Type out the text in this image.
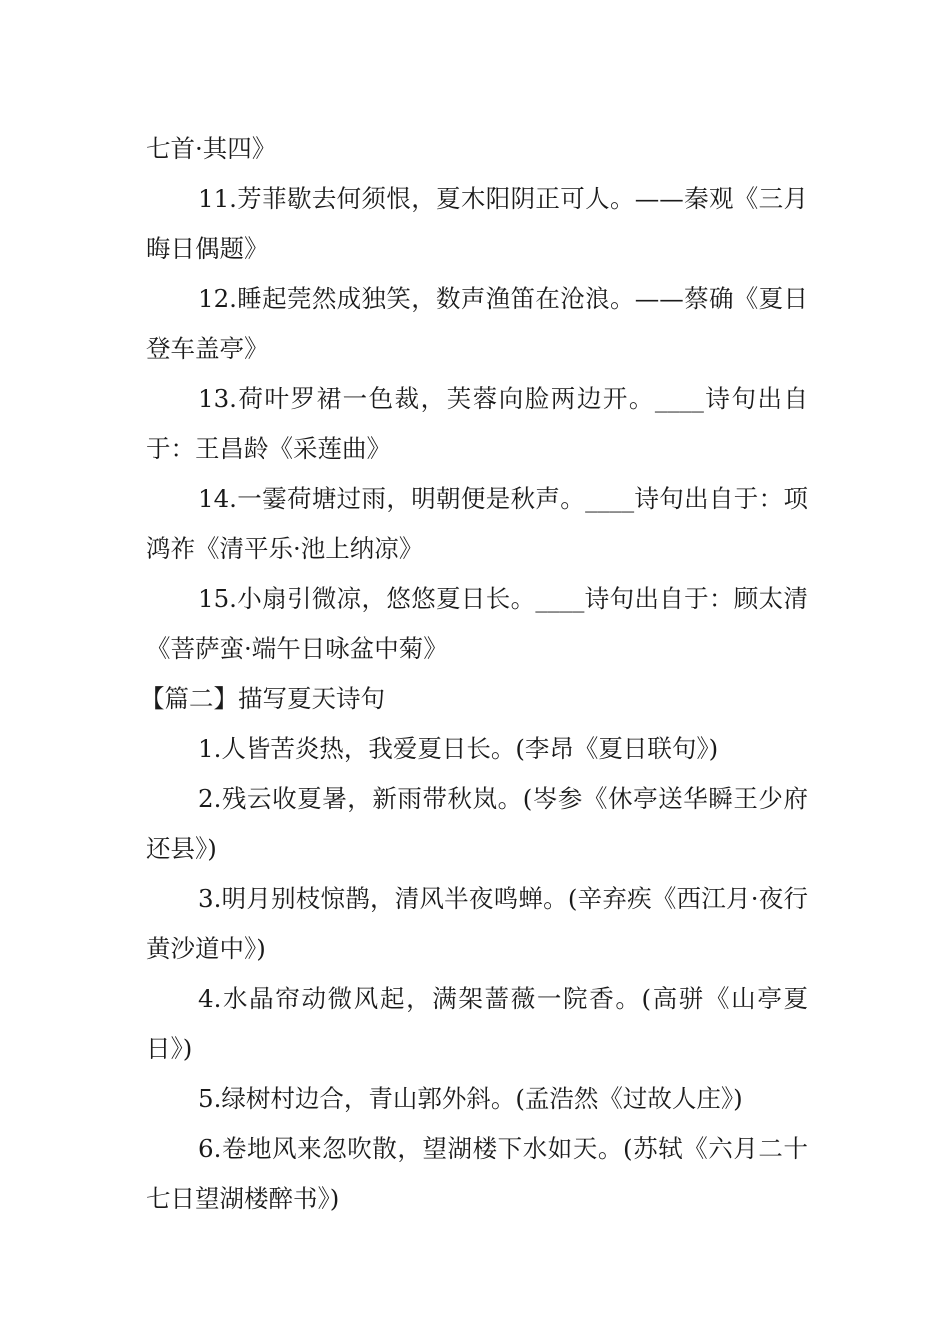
七首·其四》

11.芳菲歇去何须恨，夏木阳阴正可人。——秦观《三月晦日偶题》

12.睡起莞然成独笑，数声渔笛在沧浪。——蔡确《夏日登车盖亭》

13.荷叶罗裙一色裁，芙蓉向脸两边开。____诗句出自于：王昌龄《采莲曲》

14.一霎荷塘过雨，明朝便是秋声。____诗句出自于：项鸿祚《清平乐·池上纳凉》

15.小扇引微凉，悠悠夏日长。____诗句出自于：顾太清《菩萨蛮·端午日咏盆中菊》

【篇二】描写夏天诗句

1.人皆苦炎热，我爱夏日长。(李昂《夏日联句》)

2.残云收夏暑，新雨带秋岚。(岑参《休亭送华瞬王少府还县》)

3.明月别枝惊鹊，清风半夜鸣蝉。(辛弃疾《西江月·夜行黄沙道中》)

4.水晶帘动微风起，满架蔷薇一院香。(高骈《山亭夏日》)

5.绿树村边合，青山郭外斜。(孟浩然《过故人庄》)

6.卷地风来忽吹散，望湖楼下水如天。(苏轼《六月二十七日望湖楼醉书》)
